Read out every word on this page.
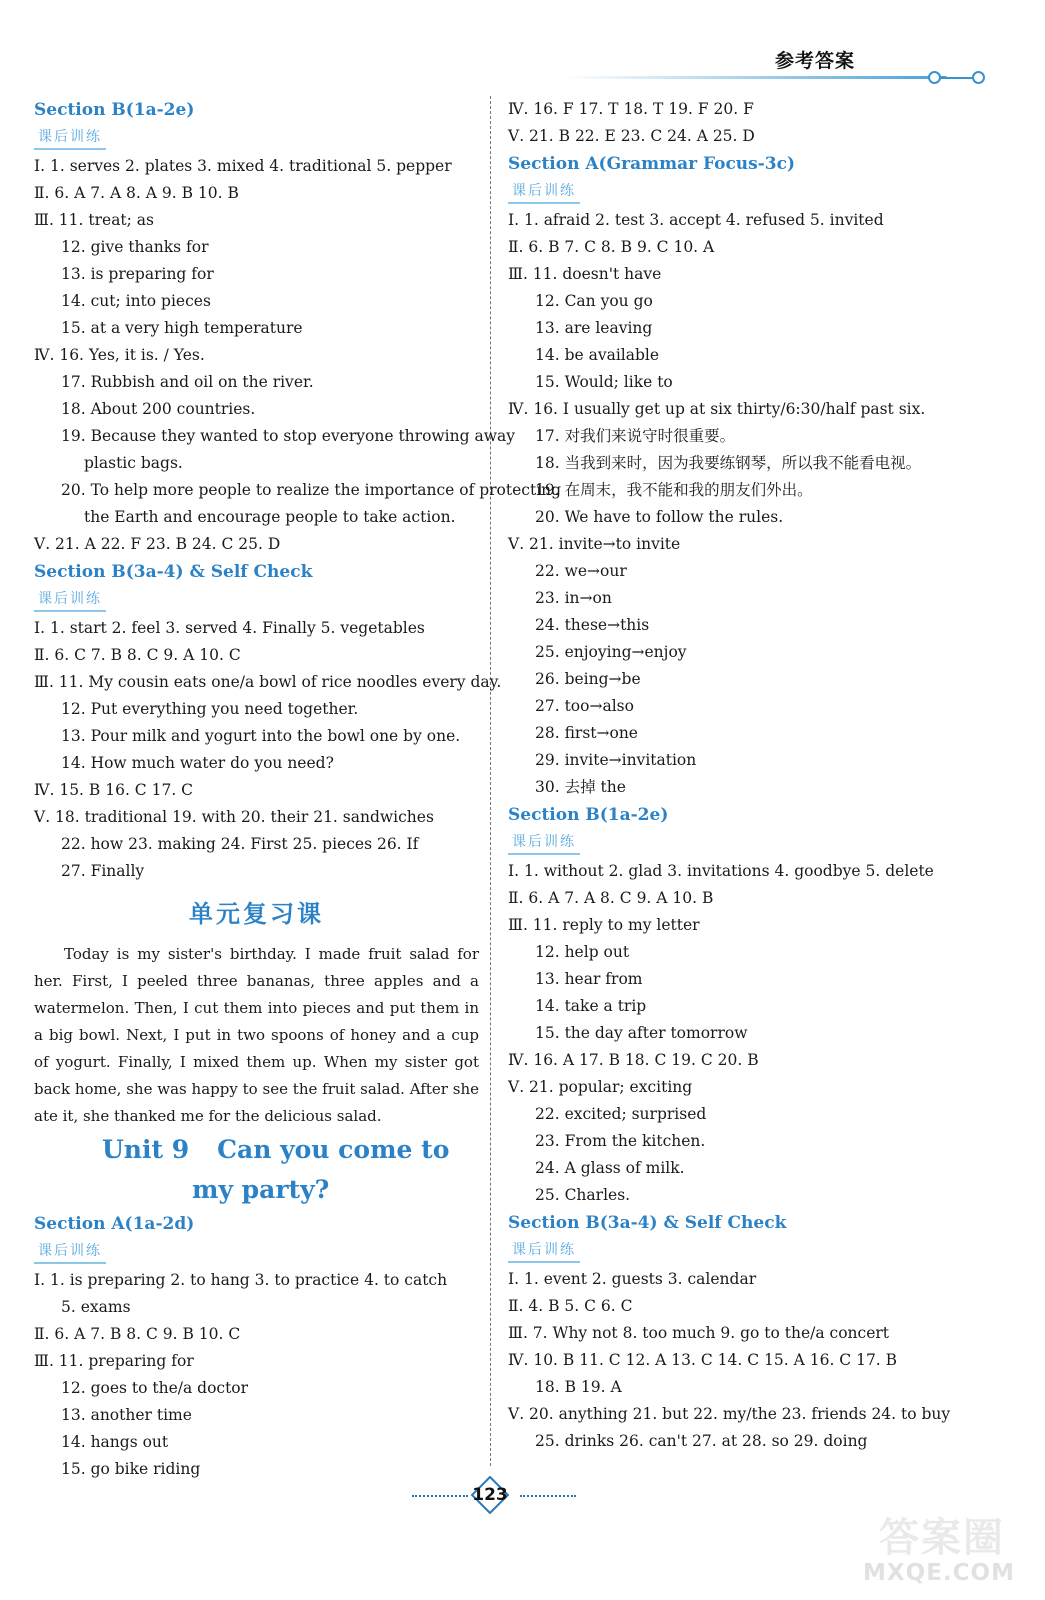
参考答案
Section B(1a-2e)
课后训练
Ⅰ. 1. serves 2. plates 3. mixed 4. traditional 5. pepper
Ⅱ. 6. A 7. A 8. A 9. B 10. B
Ⅲ. 11. treat; as
12. give thanks for
13. is preparing for
14. cut; into pieces
15. at a very high temperature
Ⅳ. 16. Yes, it is. / Yes.
17. Rubbish and oil on the river.
18. About 200 countries.
19. Because they wanted to stop everyone throwing away
plastic bags.
20. To help more people to realize the importance of protecting
the Earth and encourage people to take action.
Ⅴ. 21. A 22. F 23. B 24. C 25. D
Section B(3a-4) & Self Check
课后训练
Ⅰ. 1. start 2. feel 3. served 4. Finally 5. vegetables
Ⅱ. 6. C 7. B 8. C 9. A 10. C
Ⅲ. 11. My cousin eats one/a bowl of rice noodles every day.
12. Put everything you need together.
13. Pour milk and yogurt into the bowl one by one.
14. How much water do you need?
Ⅳ. 15. B 16. C 17. C
Ⅴ. 18. traditional 19. with 20. their 21. sandwiches
22. how 23. making 24. First 25. pieces 26. If
27. Finally
单元复习课
Today is my sister's birthday. I made fruit salad for her. First, I peeled three bananas, three apples and a watermelon. Then, I cut them into pieces and put them in a big bowl. Next, I put in two spoons of honey and a cup of yogurt. Finally, I mixed them up. When my sister got back home, she was happy to see the fruit salad. After she ate it, she thanked me for the delicious salad.
Unit 9 Can you come to
my party?
Section A(1a-2d)
课后训练
Ⅰ. 1. is preparing 2. to hang 3. to practice 4. to catch
5. exams
Ⅱ. 6. A 7. B 8. C 9. B 10. C
Ⅲ. 11. preparing for
12. goes to the/a doctor
13. another time
14. hangs out
15. go bike riding
Ⅳ. 16. F 17. T 18. T 19. F 20. F
Ⅴ. 21. B 22. E 23. C 24. A 25. D
Section A(Grammar Focus-3c)
课后训练
Ⅰ. 1. afraid 2. test 3. accept 4. refused 5. invited
Ⅱ. 6. B 7. C 8. B 9. C 10. A
Ⅲ. 11. doesn't have
12. Can you go
13. are leaving
14. be available
15. Would; like to
Ⅳ. 16. I usually get up at six thirty/6:30/half past six.
17. 对我们来说守时很重要。
18. 当我到来时，因为我要练钢琴，所以我不能看电视。
19. 在周末，我不能和我的朋友们外出。
20. We have to follow the rules.
Ⅴ. 21. invite→to invite
22. we→our
23. in→on
24. these→this
25. enjoying→enjoy
26. being→be
27. too→also
28. first→one
29. invite→invitation
30. 去掉 the
Section B(1a-2e)
课后训练
Ⅰ. 1. without 2. glad 3. invitations 4. goodbye 5. delete
Ⅱ. 6. A 7. A 8. C 9. A 10. B
Ⅲ. 11. reply to my letter
12. help out
13. hear from
14. take a trip
15. the day after tomorrow
Ⅳ. 16. A 17. B 18. C 19. C 20. B
Ⅴ. 21. popular; exciting
22. excited; surprised
23. From the kitchen.
24. A glass of milk.
25. Charles.
Section B(3a-4) & Self Check
课后训练
Ⅰ. 1. event 2. guests 3. calendar
Ⅱ. 4. B 5. C 6. C
Ⅲ. 7. Why not 8. too much 9. go to the/a concert
Ⅳ. 10. B 11. C 12. A 13. C 14. C 15. A 16. C 17. B
18. B 19. A
Ⅴ. 20. anything 21. but 22. my/the 23. friends 24. to buy
25. drinks 26. can't 27. at 28. so 29. doing
123
答案圈
MXQE.COM
